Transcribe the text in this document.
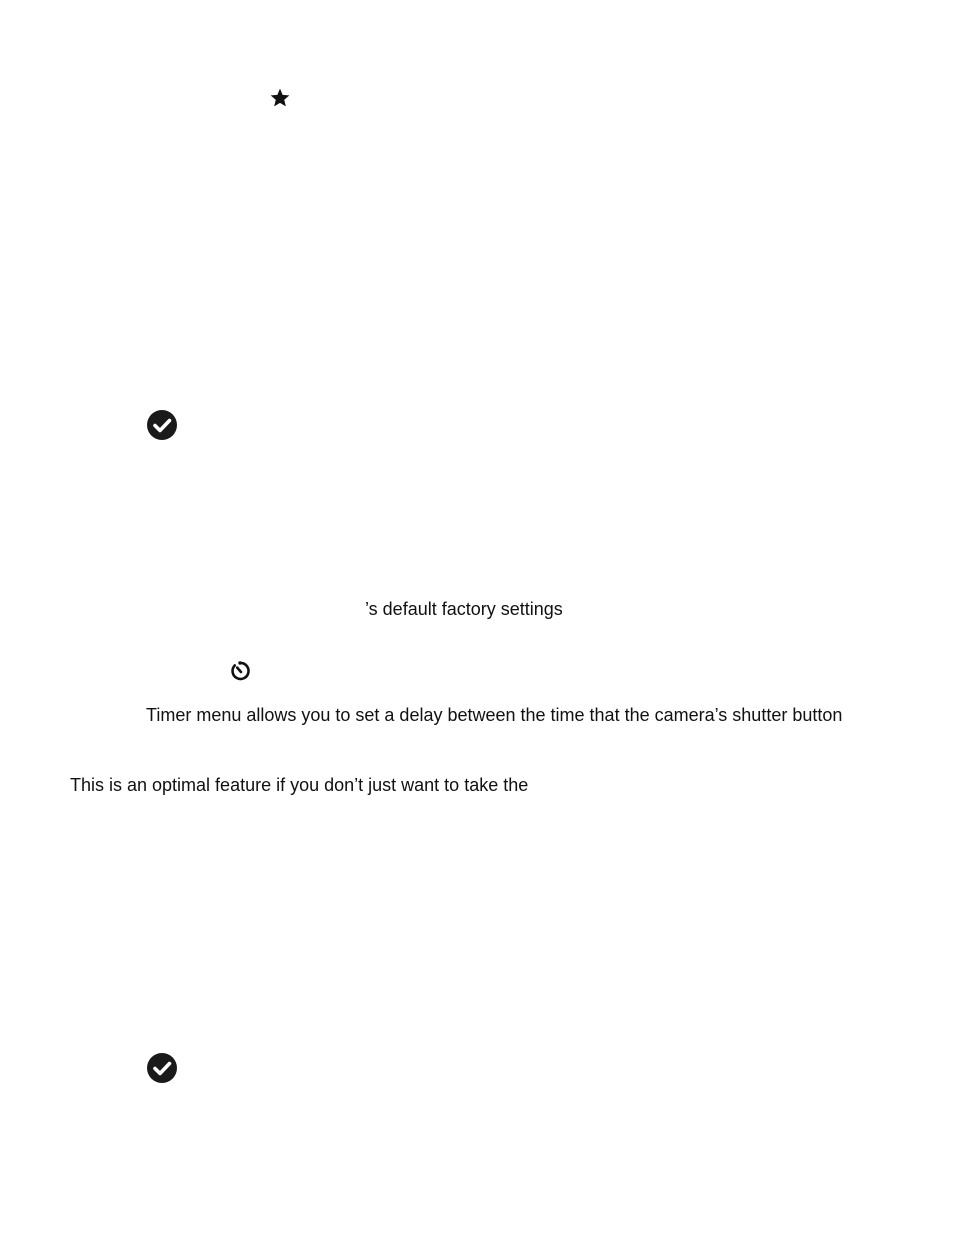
’s default factory settings
Timer menu allows you to set a delay between the time that the camera’s shutter button
This is an optimal feature if you don’t just want to take the
